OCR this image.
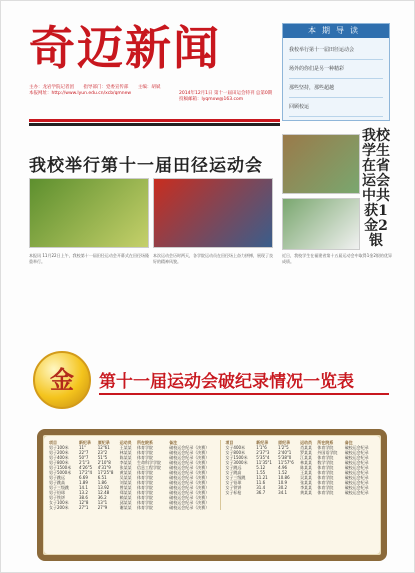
奇迈新闻
主办：龙岩学院记者团 指导部门：党委宣传部 主编：胡斌
本报网址：http://www.lyun.edu.cn/xcb/qmnew	2014年12月1日 第十一届田运会特刊 总第0期
投稿邮箱：lyqmxw@163.com
本期导读
我校举行第十一届田径运动会
场外的你们是另一种精彩
那些坚持，那些超越
回顾校运
我校举行第十一届田径运动会
我校学生在省运会中共获1金2银
本报讯 11月22日上午，我校第十一届田径运动会开幕式在田径场隆重举行。
本次运动会历时两天，各学院运动员在田径场上奋力拼搏，展现了良好的精神风貌。
近日，我校学生在福建省第十五届运动会中取得1金2银的优异成绩。
金	第十一届运动会破纪录情况一览表
项目	新纪录	原纪录	运动员	所在院系	备注	项目	新纪录	原纪录	运动员	所在院系	备注
男子100米	11"	12"61	王某某	体育学院	破校运会纪录（决赛）	女子400米	1'1"6	1'2"5	肖某某	体育学院	破校运会纪录
男子200米	22"7	23"2	林某某	体育学院	破校运会纪录（决赛）	女子800米	2'37"3	2'40"1	罗某某	外国语学院	破校运会纪录
男子400米	50"7	51"5	陈某某	体育学院	破校运会纪录（决赛）	女子1500米	5'35"4	5'38"0	江某某	体育学院	破校运会纪录
男子800米	2'1"3	2'10"8	李某某	生命科学学院	破校运会纪录（决赛）	女子3000米	11'35"1	11'57"6	林某某	数学学院	破校运会纪录
男子1500米	4'26"5	4'31"9	张某某	信息工程学院	破校运会纪录（决赛）	女子跳远	5.12	4.96	陈某某	体育学院	破校运会纪录
男子5000米	17'2"4	17'25"8	黄某某	体育学院	破校运会纪录（决赛）	女子跳高	1.55	1.52	王某某	体育学院	破校运会纪录
男子跳远	6.69	6.51	吴某某	体育学院	破校运会纪录（决赛）	女子三级跳	11.21	10.86	吴某某	体育学院	破校运会纪录
男子跳高	1.89	1.86	刘某某	体育学院	破校运会纪录（决赛）	女子铅球	11.6	10.9	张某某	体育学院	破校运会纪录
男子三级跳	14.1	13.92	曾某某	体育学院	破校运会纪录（决赛）	女子铁饼	31.4	30.2	李某某	体育学院	破校运会纪录
男子铅球	13.2	12.48	郑某某	体育学院	破校运会纪录（决赛）	女子标枪	36.7	34.1	黄某某	体育学院	破校运会纪录
男子铁饼	38.6	36.2	赖某某	体育学院	破校运会纪录（决赛）						
女子100米	12"8	13"1	邱某某	体育学院	破校运会纪录（决赛）						
女子200米	27"1	27"9	谢某某	体育学院	破校运会纪录（决赛）						
